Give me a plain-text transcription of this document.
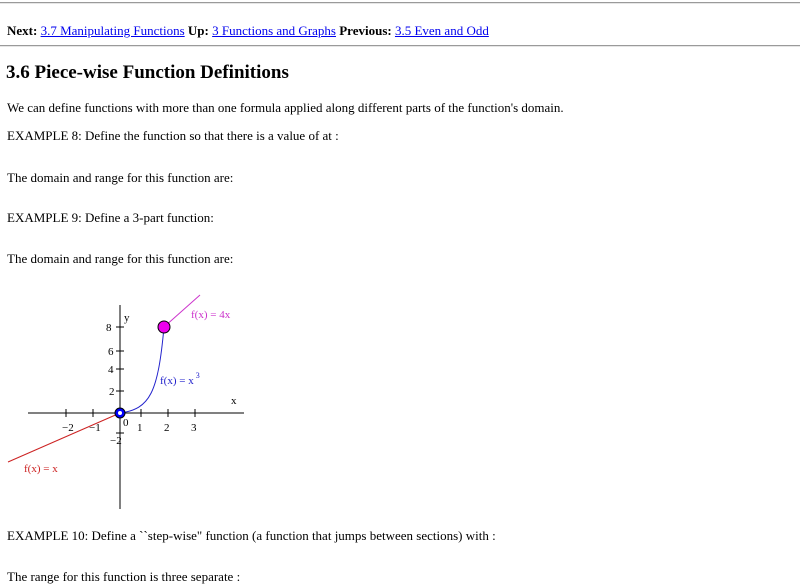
Next: 3.7 Manipulating Functions Up: 3 Functions and Graphs Previous: 3.5 Even and Odd
3.6 Piece-wise Function Definitions
We can define functions with more than one formula applied along different parts of the function's domain.
EXAMPLE 8: Define the function so that there is a value of at :
The domain and range for this function are:
EXAMPLE 9: Define a 3-part function:
The domain and range for this function are:
−2 −1	1 2 3
8
6
4
2
−2
0
y
x
f(x) = 4x
f(x) = x $^3$
f(x) = x
EXAMPLE 10: Define a ``step-wise" function (a function that jumps between sections) with :
The range for this function is three separate :
